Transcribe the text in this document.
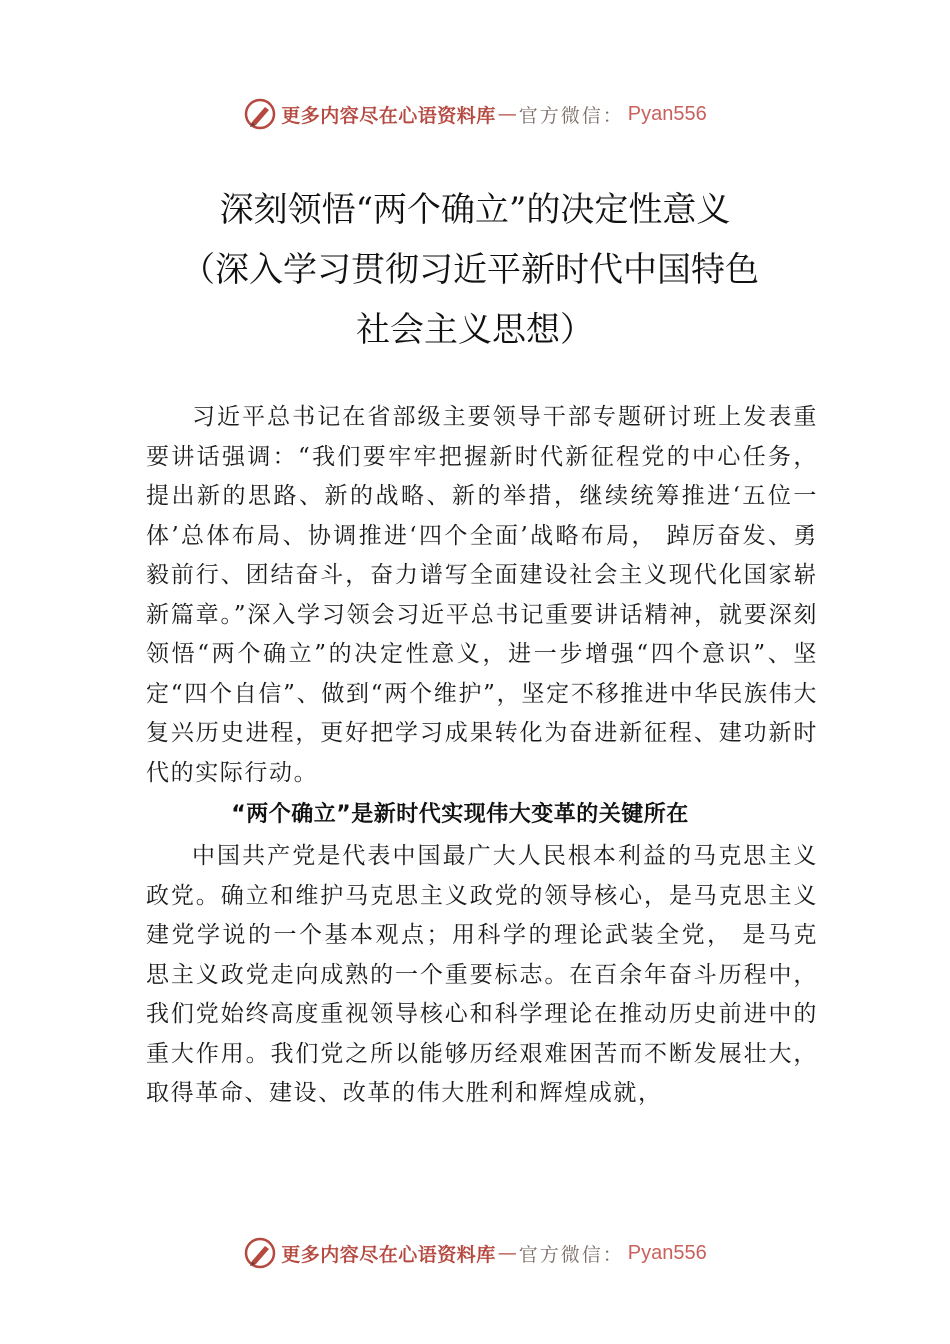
更多内容尽在心语资料库 — 官方微信： Pyan556
深刻领悟“两个确立”的决定性意义
（深入学习贯彻习近平新时代中国特色
社会主义思想）

习近平总书记在省部级主要领导干部专题研讨班上发表重要讲话强调：“我们要牢牢把握新时代新征程党的中心任务，提出新的思路、新的战略、新的举措，继续统筹推进‘五位一体’总体布局、协调推进‘四个全面’战略布局， 踔厉奋发、勇毅前行、团结奋斗，奋力谱写全面建设社会主义现代化国家崭新篇章。”深入学习领会习近平总书记重要讲话精神，就要深刻领悟“两个确立”的决定性意义，进一步增强“四个意识”、坚定“四个自信”、做到“两个维护”，坚定不移推进中华民族伟大复兴历史进程，更好把学习成果转化为奋进新征程、建功新时代的实际行动。

“两个确立”是新时代实现伟大变革的关键所在

中国共产党是代表中国最广大人民根本利益的马克思主义政党。确立和维护马克思主义政党的领导核心，是马克思主义建党学说的一个基本观点；用科学的理论武装全党， 是马克思主义政党走向成熟的一个重要标志。在百余年奋斗历程中，我们党始终高度重视领导核心和科学理论在推动历史前进中的重大作用。我们党之所以能够历经艰难困苦而不断发展壮大，取得革命、建设、改革的伟大胜利和辉煌成就，

更多内容尽在心语资料库 — 官方微信： Pyan556
